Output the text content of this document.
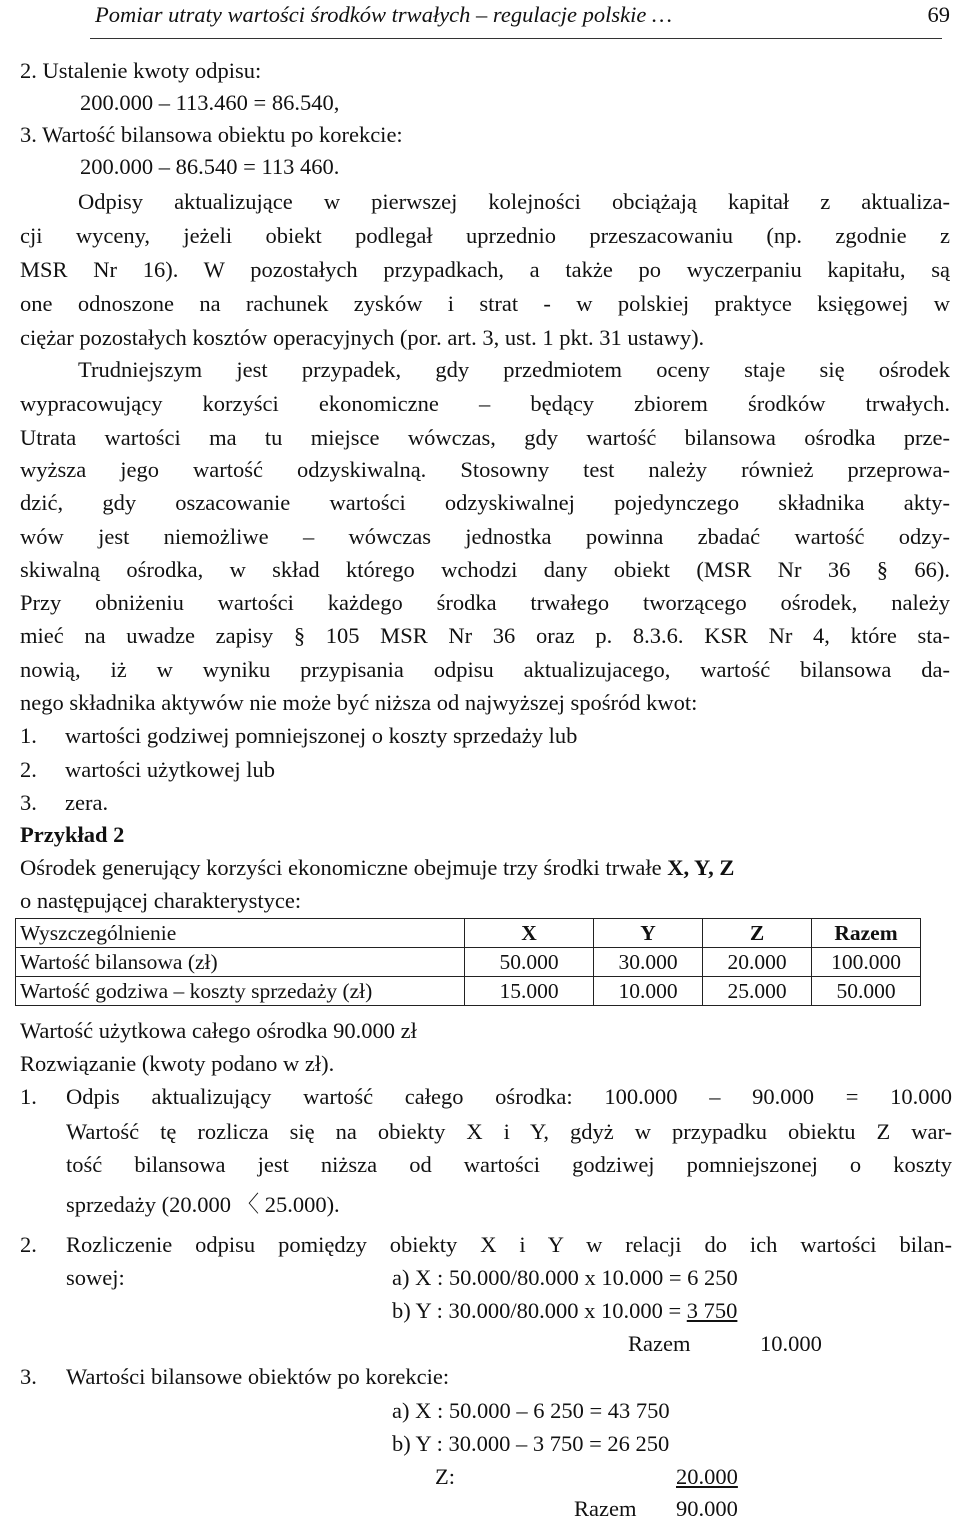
Pomiar utraty wartości środków trwałych – regulacje polskie …	69
2. Ustalenie kwoty odpisu:
200.000 – 113.460 = 86.540,
3. Wartość bilansowa obiektu po korekcie:
200.000 – 86.540 = 113 460.
Odpisy aktualizujące w pierwszej kolejności obciążają kapitał z aktualiza-
cji wyceny, jeżeli obiekt podlegał uprzednio przeszacowaniu (np. zgodnie z
MSR Nr 16). W pozostałych przypadkach, a także po wyczerpaniu kapitału, są
one odnoszone na rachunek zysków i strat - w polskiej praktyce księgowej w
ciężar pozostałych kosztów operacyjnych (por. art. 3, ust. 1 pkt. 31 ustawy).
Trudniejszym jest przypadek, gdy przedmiotem oceny staje się ośrodek
wypracowujący korzyści ekonomiczne – będący zbiorem środków trwałych.
Utrata wartości ma tu miejsce wówczas, gdy wartość bilansowa ośrodka prze-
wyższa jego wartość odzyskiwalną. Stosowny test należy również przeprowa-
dzić, gdy oszacowanie wartości odzyskiwalnej pojedynczego składnika akty-
wów jest niemożliwe – wówczas jednostka powinna zbadać wartość odzy-
skiwalną ośrodka, w skład którego wchodzi dany obiekt (MSR Nr 36 § 66).
Przy obniżeniu wartości każdego środka trwałego tworzącego ośrodek, należy
mieć na uwadze zapisy § 105 MSR Nr 36 oraz p. 8.3.6. KSR Nr 4, które sta-
nowią, iż w wyniku przypisania odpisu aktualizujacego, wartość bilansowa da-
nego składnika aktywów nie może być niższa od najwyższej spośród kwot:
1. wartości godziwej pomniejszonej o koszty sprzedaży lub
2. wartości użytkowej lub
3. zera.
Przykład 2
Ośrodek generujący korzyści ekonomiczne obejmuje trzy środki trwałe X, Y, Z
o następującej charakterystyce:
Wyszczególnienie	X	Y	Z	Razem
Wartość bilansowa (zł)	50.000	30.000	20.000	100.000
Wartość godziwa – koszty sprzedaży (zł)	15.000	10.000	25.000	50.000
Wartość użytkowa całego ośrodka 90.000 zł
Rozwiązanie (kwoty podano w zł).
1. Odpis aktualizujący wartość całego ośrodka: 100.000 – 90.000 = 10.000
Wartość tę rozlicza się na obiekty X i Y, gdyż w przypadku obiektu Z war-
tość bilansowa jest niższa od wartości godziwej pomniejszonej o koszty
sprzedaży (20.000 〈 25.000).
2. Rozliczenie odpisu pomiędzy obiekty X i Y w relacji do ich wartości bilan-
sowej:	a) X : 50.000/80.000 x 10.000 = 6 250
b) Y : 30.000/80.000 x 10.000 = 3 750
Razem	10.000
3. Wartości bilansowe obiektów po korekcie:
a) X : 50.000 – 6 250 = 43 750
b) Y : 30.000 – 3 750 = 26 250
Z:	20.000
Razem 90.000
